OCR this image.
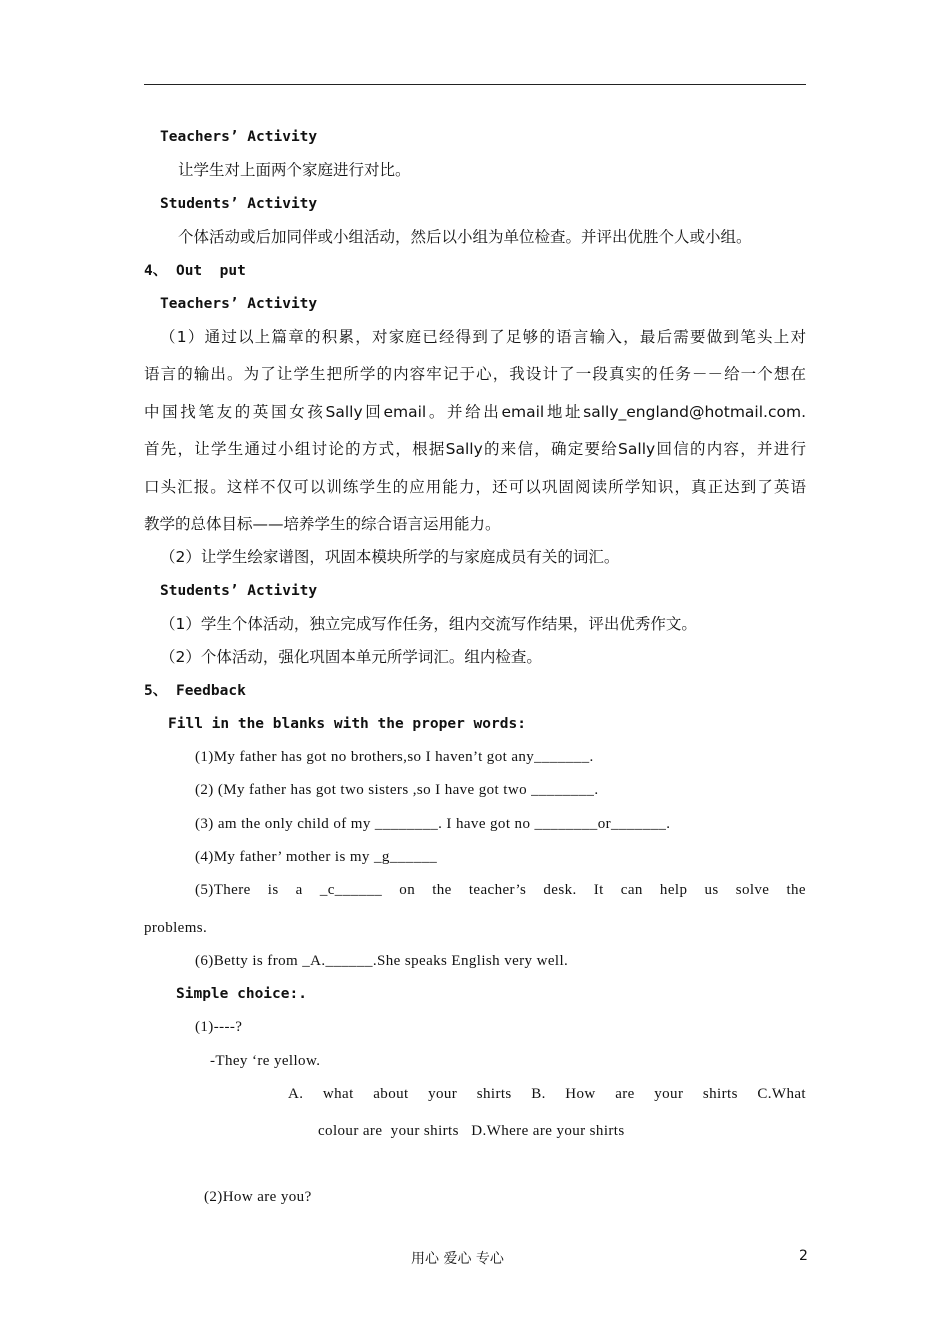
Teachers’ Activity
让学生对上面两个家庭进行对比。
Students’ Activity
个体活动或后加同伴或小组活动，然后以小组为单位检查。并评出优胜个人或小组。
4、 Out  put
Teachers’ Activity
（1）通过以上篇章的积累，对家庭已经得到了足够的语言输入，最后需要做到笔头上对
语言的输出。为了让学生把所学的内容牢记于心，我设计了一段真实的任务－－给一个想在
中国找笔友的英国女孩Sally回email。并给出email地址sally_england@hotmail.com.
首先，让学生通过小组讨论的方式，根据Sally的来信，确定要给Sally回信的内容，并进行
口头汇报。这样不仅可以训练学生的应用能力，还可以巩固阅读所学知识，真正达到了英语
教学的总体目标——培养学生的综合语言运用能力。
（2）让学生绘家谱图，巩固本模块所学的与家庭成员有关的词汇。
Students’ Activity
（1）学生个体活动，独立完成写作任务，组内交流写作结果，评出优秀作文。
（2）个体活动，强化巩固本单元所学词汇。组内检查。
5、 Feedback
Fill in the blanks with the proper words:
(1)My father has got no brothers,so I haven’t got any_______.
(2) (My father has got two sisters ,so I have got two ________.
(3) am the only child of my ________. I have got no ________or_______.
(4)My father’ mother is my _g______
(5)There is a _c______ on the teacher’s desk. It can help us solve the
problems.
(6)Betty is from _A.______.She speaks English very well.
Simple choice:.
(1)----?
-They ‘re yellow.
A. what about your shirts B. How are your shirts C.What
colour are  your shirts   D.Where are your shirts
(2)How are you?
用心 爱心 专心	2
